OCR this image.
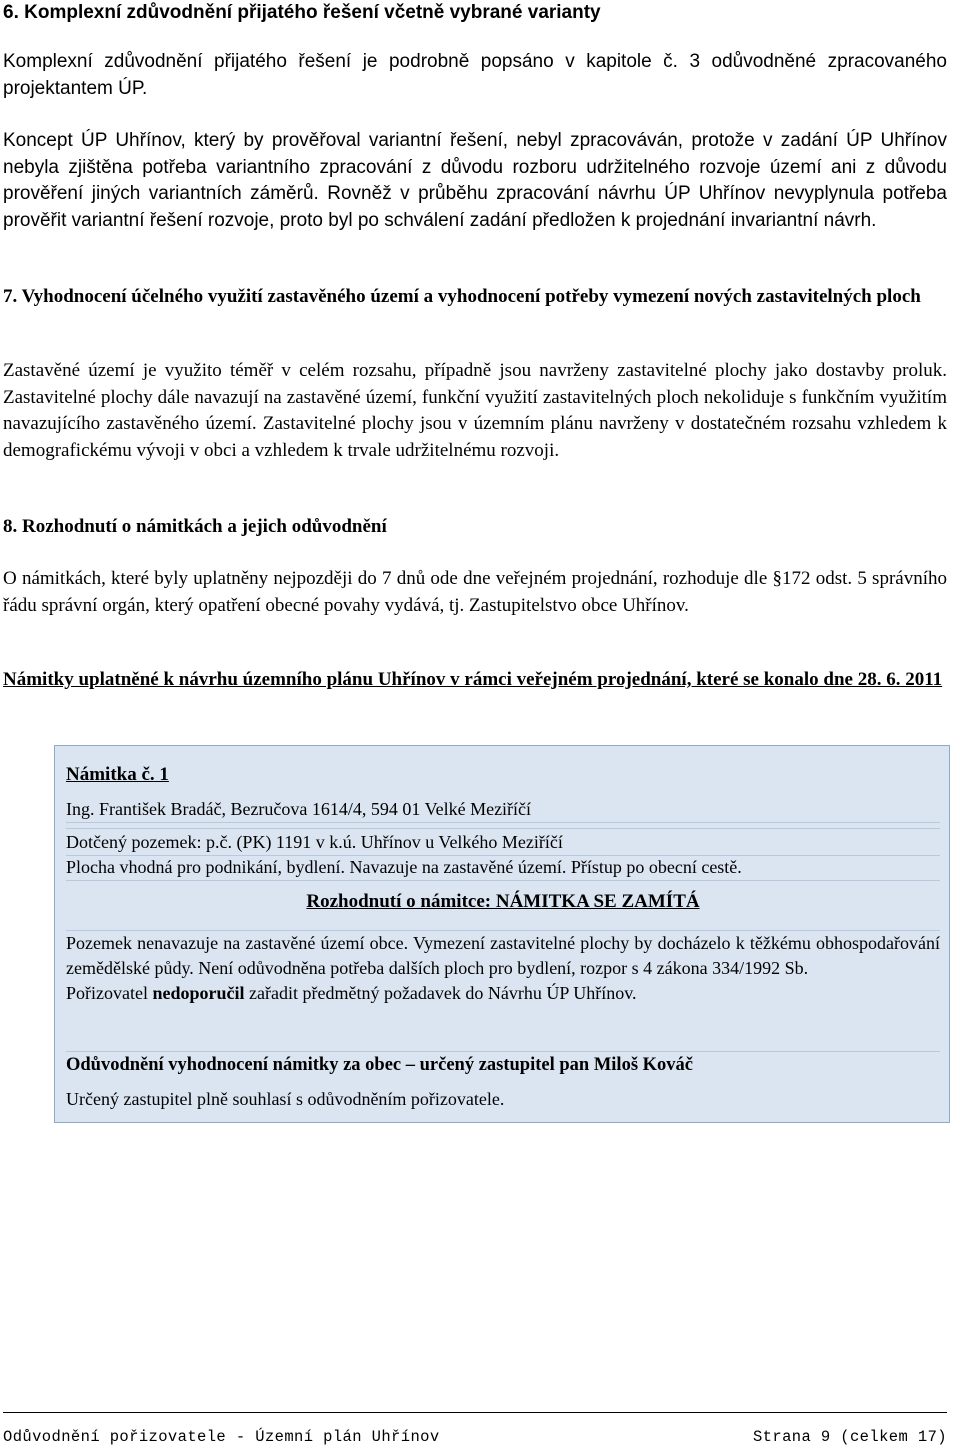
6. Komplexní zdůvodnění přijatého řešení včetně vybrané varianty

Komplexní zdůvodnění přijatého řešení je podrobně popsáno v kapitole č. 3 odůvodněné zpracovaného projektantem ÚP.

Koncept ÚP Uhřínov, který by prověřoval variantní řešení, nebyl zpracováván, protože v zadání ÚP Uhřínov nebyla zjištěna potřeba variantního zpracování z důvodu rozboru udržitelného rozvoje území ani z důvodu prověření jiných variantních záměrů. Rovněž v průběhu zpracování návrhu ÚP Uhřínov nevyplynula potřeba prověřit variantní řešení rozvoje, proto byl po schválení zadání předložen k projednání invariantní návrh.

7. Vyhodnocení účelného využití zastavěného území a vyhodnocení potřeby vymezení nových zastavitelných ploch

Zastavěné území je využito téměř v celém rozsahu, případně jsou navrženy zastavitelné plochy jako dostavby proluk. Zastavitelné plochy dále navazují na zastavěné území, funkční využití zastavitelných ploch nekoliduje s funkčním využitím navazujícího zastavěného území. Zastavitelné plochy jsou v územním plánu navrženy v dostatečném rozsahu vzhledem k demografickému vývoji v obci a vzhledem k trvale udržitelnému rozvoji.

8. Rozhodnutí o námitkách a jejich odůvodnění

O námitkách, které byly uplatněny nejpozději do 7 dnů ode dne veřejném projednání, rozhoduje dle §172 odst. 5 správního řádu správní orgán, který opatření obecné povahy vydává, tj. Zastupitelstvo obce Uhřínov.

Námitky uplatněné k návrhu územního plánu Uhřínov v rámci veřejném projednání, které se konalo dne 28. 6. 2011

Námitka č. 1
Ing. František Bradáč, Bezručova 1614/4, 594 01 Velké Meziříčí
Dotčený pozemek: p.č. (PK) 1191 v k.ú. Uhřínov u Velkého Meziříčí
Plocha vhodná pro podnikání, bydlení. Navazuje na zastavěné území. Přístup po obecní cestě.
Rozhodnutí o námitce: NÁMITKA SE ZAMÍTÁ
Pozemek nenavazuje na zastavěné území obce. Vymezení zastavitelné plochy by docházelo k těžkému obhospodařování zemědělské půdy. Není odůvodněna potřeba dalších ploch pro bydlení, rozpor s 4 zákona 334/1992 Sb.
Pořizovatel nedoporučil zařadit předmětný požadavek do Návrhu ÚP Uhřínov.
Odůvodnění vyhodnocení námitky za obec – určený zastupitel pan Miloš Kováč
Určený zastupitel plně souhlasí s odůvodněním pořizovatele.
Odůvodnění pořizovatele - Územní plán Uhřínov	Strana 9 (celkem 17)
